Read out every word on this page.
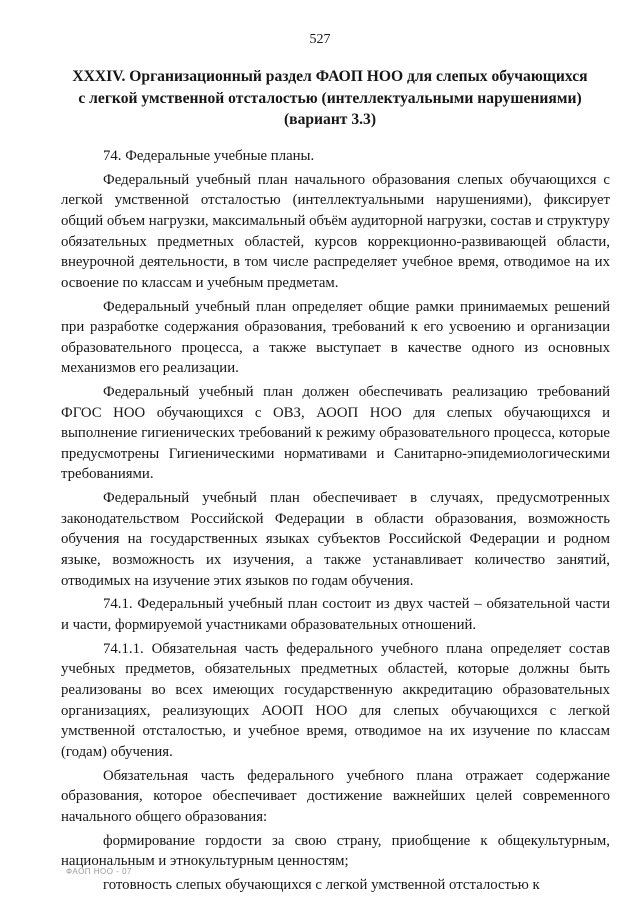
527
XXXIV. Организационный раздел ФАОП НОО для слепых обучающихся
с легкой умственной отсталостью (интеллектуальными нарушениями)
(вариант 3.3)

74. Федеральные учебные планы.

Федеральный учебный план начального образования слепых обучающихся с легкой умственной отсталостью (интеллектуальными нарушениями), фиксирует общий объем нагрузки, максимальный объём аудиторной нагрузки, состав и структуру обязательных предметных областей, курсов коррекционно-развивающей области, внеурочной деятельности, в том числе распределяет учебное время, отводимое на их освоение по классам и учебным предметам.

Федеральный учебный план определяет общие рамки принимаемых решений при разработке содержания образования, требований к его усвоению и организации образовательного процесса, а также выступает в качестве одного из основных механизмов его реализации.

Федеральный учебный план должен обеспечивать реализацию требований ФГОС НОО обучающихся с ОВЗ, АООП НОО для слепых обучающихся и выполнение гигиенических требований к режиму образовательного процесса, которые предусмотрены Гигиеническими нормативами и Санитарно-эпидемиологическими требованиями.

Федеральный учебный план обеспечивает в случаях, предусмотренных законодательством Российской Федерации в области образования, возможность обучения на государственных языках субъектов Российской Федерации и родном языке, возможность их изучения, а также устанавливает количество занятий, отводимых на изучение этих языков по годам обучения.

74.1. Федеральный учебный план состоит из двух частей – обязательной части и части, формируемой участниками образовательных отношений.

74.1.1. Обязательная часть федерального учебного плана определяет состав учебных предметов, обязательных предметных областей, которые должны быть реализованы во всех имеющих государственную аккредитацию образовательных организациях, реализующих АООП НОО для слепых обучающихся с легкой умственной отсталостью, и учебное время, отводимое на их изучение по классам (годам) обучения.

Обязательная часть федерального учебного плана отражает содержание образования, которое обеспечивает достижение важнейших целей современного начального общего образования:

формирование гордости за свою страну, приобщение к общекультурным, национальным и этнокультурным ценностям;

готовность слепых обучающихся с легкой умственной отсталостью к

ФАОП НОО - 07
